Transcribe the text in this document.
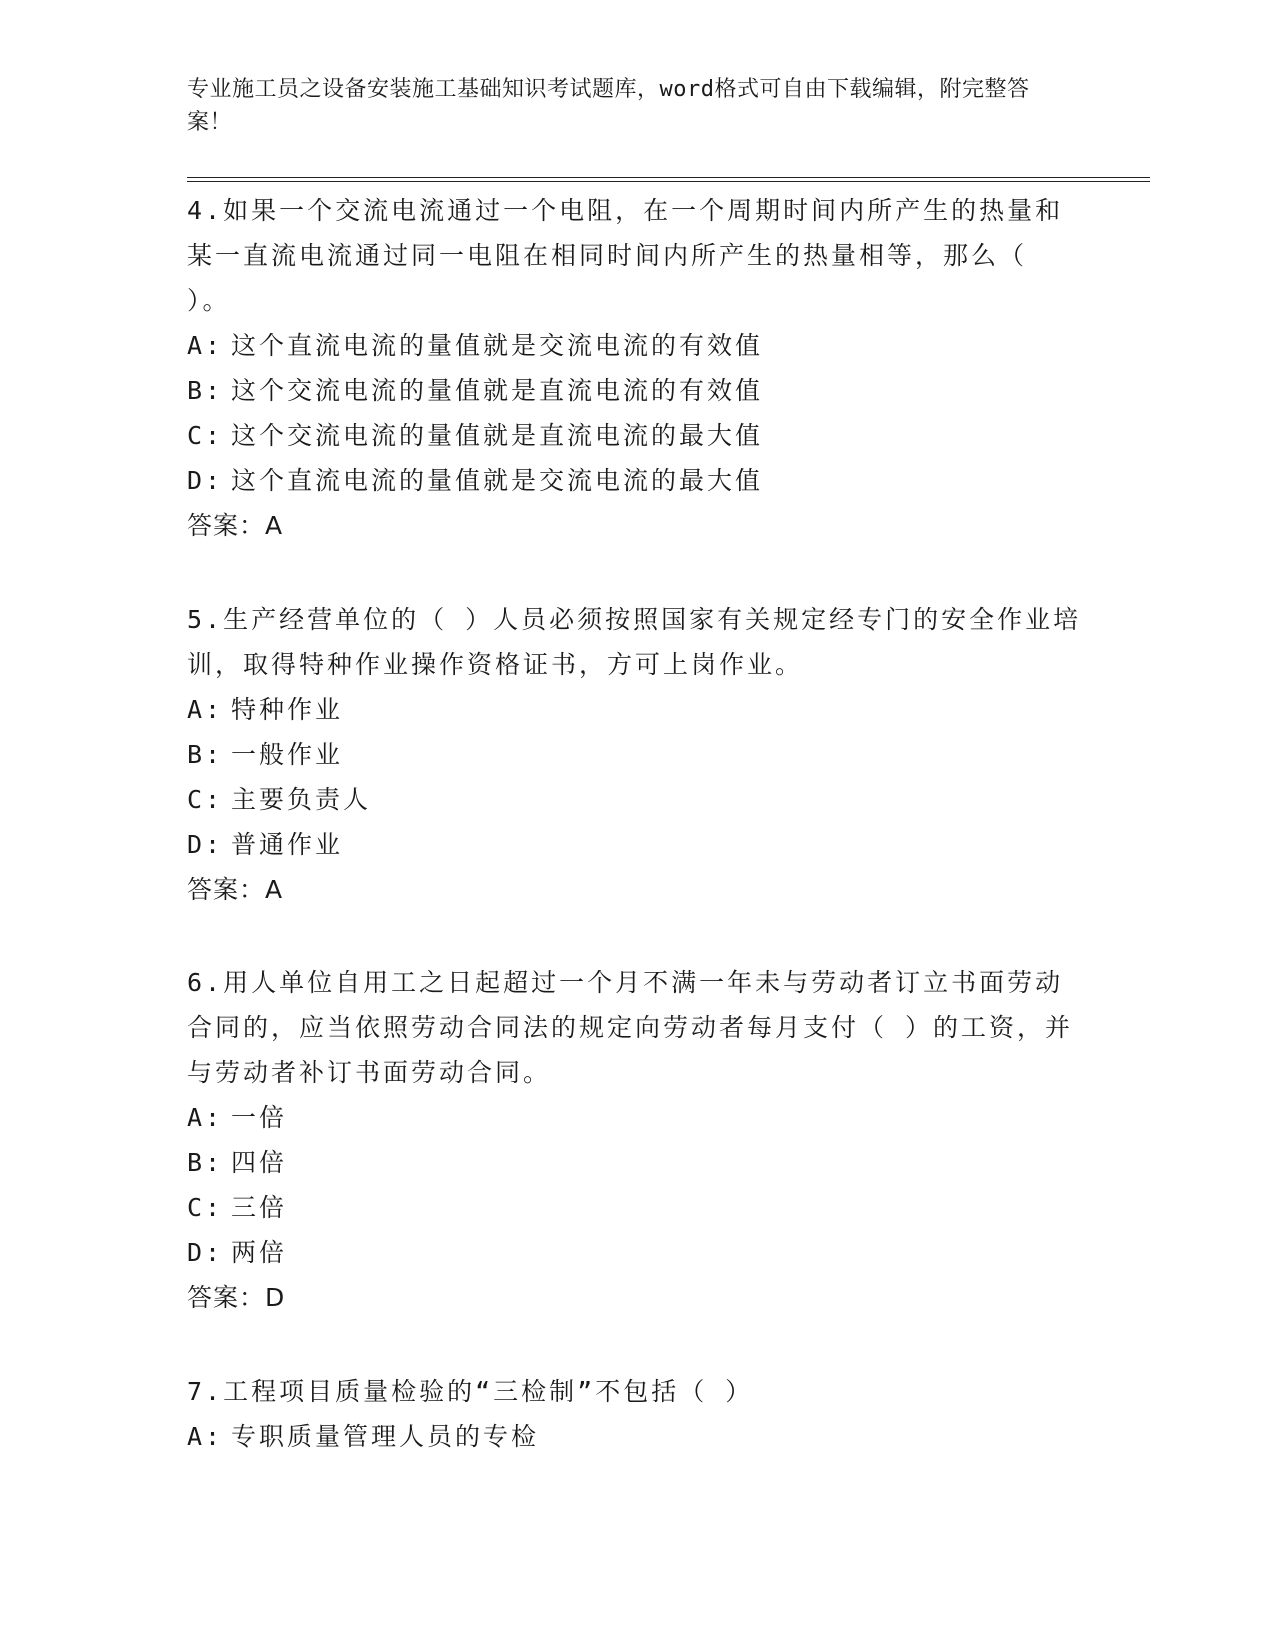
专业施工员之设备安装施工基础知识考试题库，word格式可自由下载编辑，附完整答案！
4.如果一个交流电流通过一个电阻，在一个周期时间内所产生的热量和某一直流电流通过同一电阻在相同时间内所产生的热量相等，那么（ ）。
A: 这个直流电流的量值就是交流电流的有效值
B: 这个交流电流的量值就是直流电流的有效值
C: 这个交流电流的量值就是直流电流的最大值
D: 这个直流电流的量值就是交流电流的最大值
答案：A
5.生产经营单位的（ ）人员必须按照国家有关规定经专门的安全作业培训，取得特种作业操作资格证书，方可上岗作业。
A: 特种作业
B: 一般作业
C: 主要负责人
D: 普通作业
答案：A
6.用人单位自用工之日起超过一个月不满一年未与劳动者订立书面劳动合同的，应当依照劳动合同法的规定向劳动者每月支付（ ）的工资，并与劳动者补订书面劳动合同。
A: 一倍
B: 四倍
C: 三倍
D: 两倍
答案：D
7.工程项目质量检验的“三检制”不包括（ ）
A: 专职质量管理人员的专检
